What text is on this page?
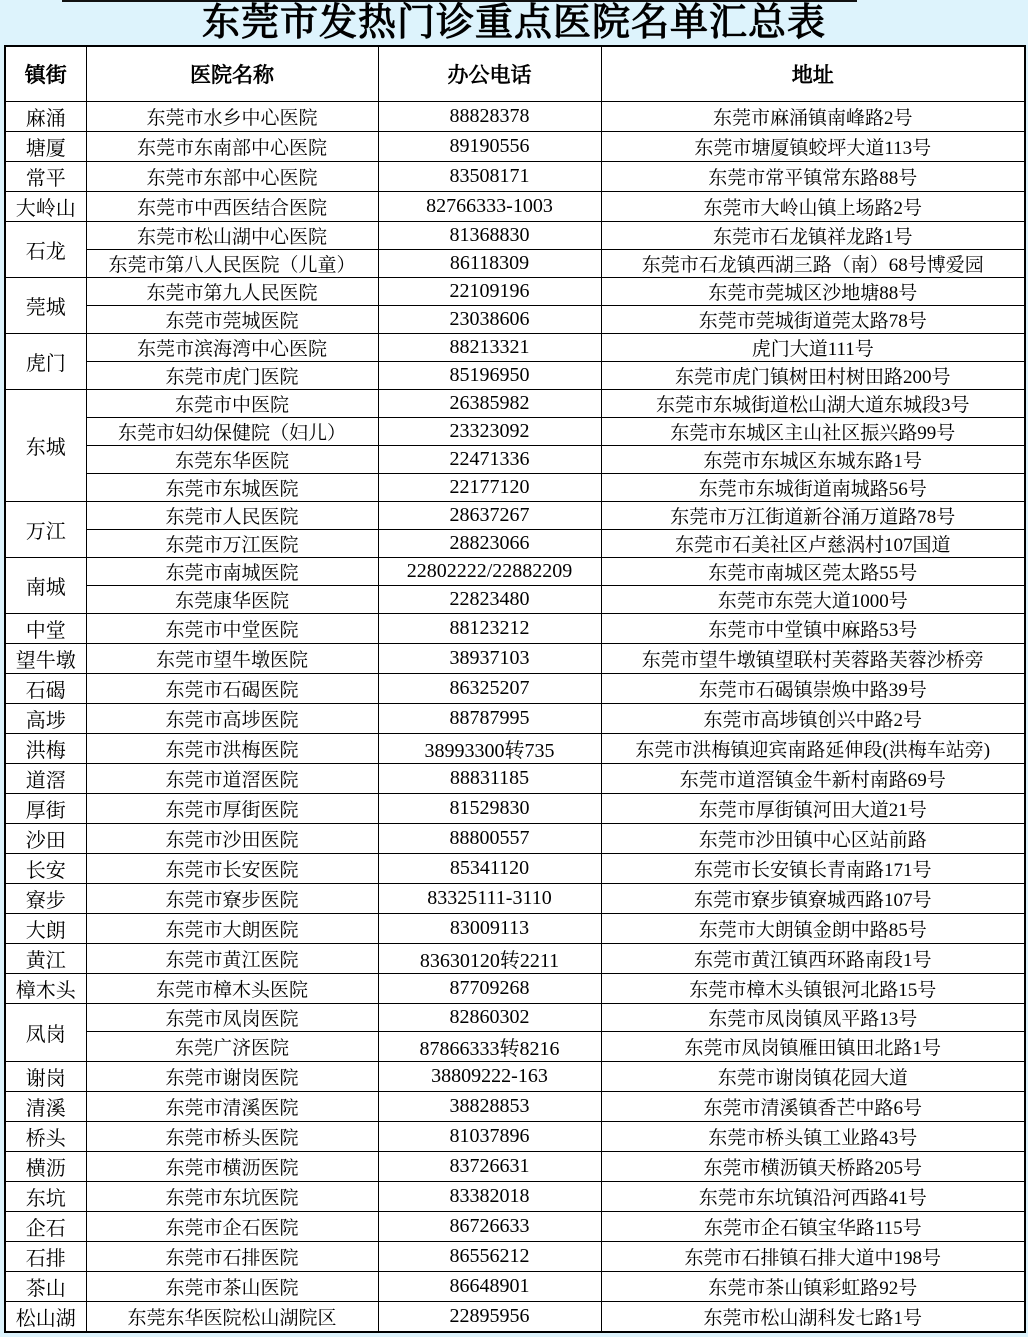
东莞市发热门诊重点医院名单汇总表
镇街	医院名称	办公电话	地址
麻涌	东莞市水乡中心医院	88828378	东莞市麻涌镇南峰路2号
塘厦	东莞市东南部中心医院	89190556	东莞市塘厦镇蛟坪大道113号
常平	东莞市东部中心医院	83508171	东莞市常平镇常东路88号
大岭山	东莞市中西医结合医院	82766333-1003	东莞市大岭山镇上场路2号
石龙	东莞市松山湖中心医院	81368830	东莞市石龙镇祥龙路1号
	东莞市第八人民医院（儿童）	86118309	东莞市石龙镇西湖三路（南）68号博爱园
莞城	东莞市第九人民医院	22109196	东莞市莞城区沙地塘88号
	东莞市莞城医院	23038606	东莞市莞城街道莞太路78号
虎门	东莞市滨海湾中心医院	88213321	虎门大道111号
	东莞市虎门医院	85196950	东莞市虎门镇树田村树田路200号
东城	东莞市中医院	26385982	东莞市东城街道松山湖大道东城段3号
	东莞市妇幼保健院（妇儿）	23323092	东莞市东城区主山社区振兴路99号
	东莞东华医院	22471336	东莞市东城区东城东路1号
	东莞市东城医院	22177120	东莞市东城街道南城路56号
万江	东莞市人民医院	28637267	东莞市万江街道新谷涌万道路78号
	东莞市万江医院	28823066	东莞市石美社区卢慈涡村107国道
南城	东莞市南城医院	22802222/22882209	东莞市南城区莞太路55号
	东莞康华医院	22823480	东莞市东莞大道1000号
中堂	东莞市中堂医院	88123212	东莞市中堂镇中麻路53号
望牛墩	东莞市望牛墩医院	38937103	东莞市望牛墩镇望联村芙蓉路芙蓉沙桥旁
石碣	东莞市石碣医院	86325207	东莞市石碣镇崇焕中路39号
高埗	东莞市高埗医院	88787995	东莞市高埗镇创兴中路2号
洪梅	东莞市洪梅医院	38993300转735	东莞市洪梅镇迎宾南路延伸段(洪梅车站旁)
道滘	东莞市道滘医院	88831185	东莞市道滘镇金牛新村南路69号
厚街	东莞市厚街医院	81529830	东莞市厚街镇河田大道21号
沙田	东莞市沙田医院	88800557	东莞市沙田镇中心区站前路
长安	东莞市长安医院	85341120	东莞市长安镇长青南路171号
寮步	东莞市寮步医院	83325111-3110	东莞市寮步镇寮城西路107号
大朗	东莞市大朗医院	83009113	东莞市大朗镇金朗中路85号
黄江	东莞市黄江医院	83630120转2211	东莞市黄江镇西环路南段1号
樟木头	东莞市樟木头医院	87709268	东莞市樟木头镇银河北路15号
凤岗	东莞市凤岗医院	82860302	东莞市凤岗镇凤平路13号
	东莞广济医院	87866333转8216	东莞市凤岗镇雁田镇田北路1号
谢岗	东莞市谢岗医院	38809222-163	东莞市谢岗镇花园大道
清溪	东莞市清溪医院	38828853	东莞市清溪镇香芒中路6号
桥头	东莞市桥头医院	81037896	东莞市桥头镇工业路43号
横沥	东莞市横沥医院	83726631	东莞市横沥镇天桥路205号
东坑	东莞市东坑医院	83382018	东莞市东坑镇沿河西路41号
企石	东莞市企石医院	86726633	东莞市企石镇宝华路115号
石排	东莞市石排医院	86556212	东莞市石排镇石排大道中198号
茶山	东莞市茶山医院	86648901	东莞市茶山镇彩虹路92号
松山湖	东莞东华医院松山湖院区	22895956	东莞市松山湖科发七路1号
